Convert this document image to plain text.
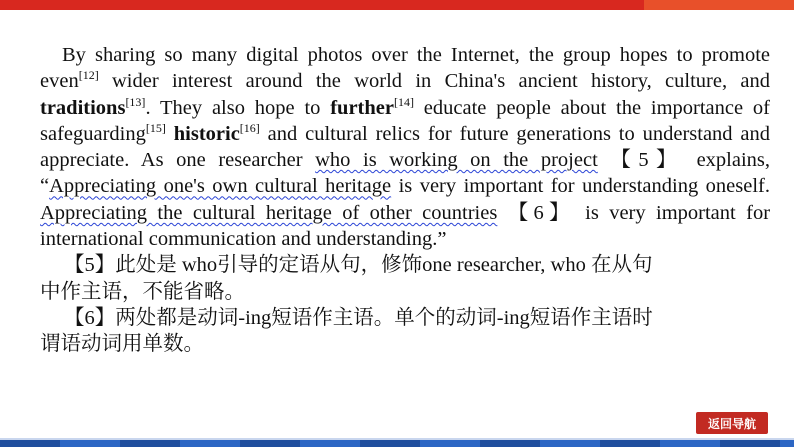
By sharing so many digital photos over the Internet, the group hopes to promote even[12] wider interest around the world in China's ancient history, culture, and traditions[13]. They also hope to further[14] educate people about the importance of safeguarding[15] historic[16] and cultural relics for future generations to understand and appreciate. As one researcher who is working on the project 【5】 explains, “Appreciating one's own cultural heritage is very important for understanding oneself. Appreciating the cultural heritage of other countries 【6】 is very important for international communication and understanding.”

【5】此处是 who引导的定语从句，修饰one researcher, who 在从句

中作主语，不能省略。

【6】两处都是动词-ing短语作主语。单个的动词-ing短语作主语时

谓语动词用单数。

返回导航
